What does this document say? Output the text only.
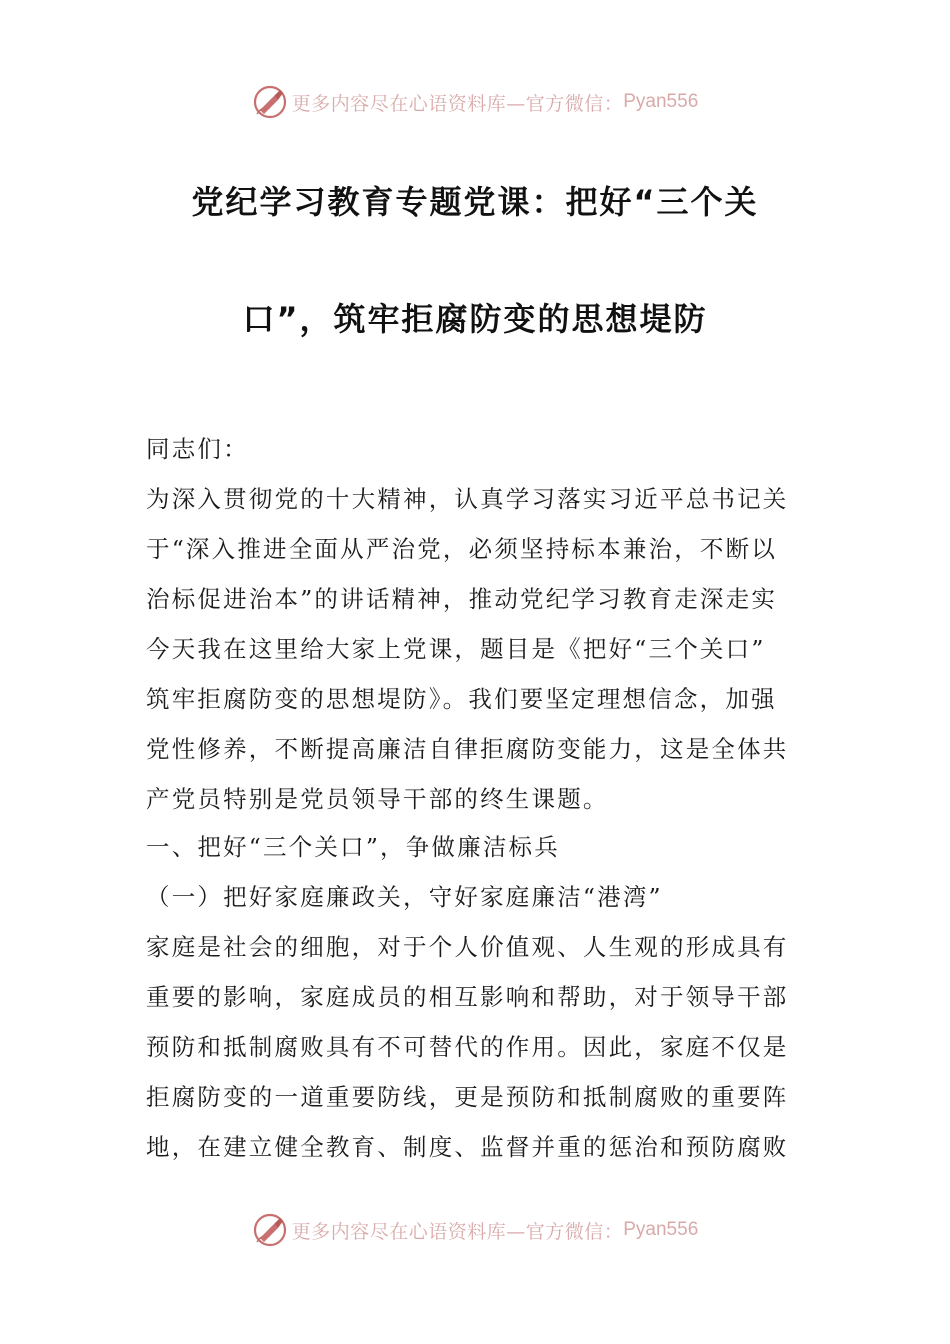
更多内容尽在心语资料库—官方微信： Pyan556
党纪学习教育专题党课：把好“三个关
口”，筑牢拒腐防变的思想堤防
同志们：
为深入贯彻党的十大精神，认真学习落实习近平总书记关
于“深入推进全面从严治党，必须坚持标本兼治，不断以
治标促进治本”的讲话精神，推动党纪学习教育走深走实
今天我在这里给大家上党课，题目是《把好“三个关口”
筑牢拒腐防变的思想堤防》。我们要坚定理想信念，加强
党性修养，不断提高廉洁自律拒腐防变能力，这是全体共
产党员特别是党员领导干部的终生课题。
一、把好“三个关口”，争做廉洁标兵
（一）把好家庭廉政关，守好家庭廉洁“港湾”
家庭是社会的细胞，对于个人价值观、人生观的形成具有
重要的影响，家庭成员的相互影响和帮助，对于领导干部
预防和抵制腐败具有不可替代的作用。因此，家庭不仅是
拒腐防变的一道重要防线，更是预防和抵制腐败的重要阵
地，在建立健全教育、制度、监督并重的惩治和预防腐败
更多内容尽在心语资料库—官方微信： Pyan556
